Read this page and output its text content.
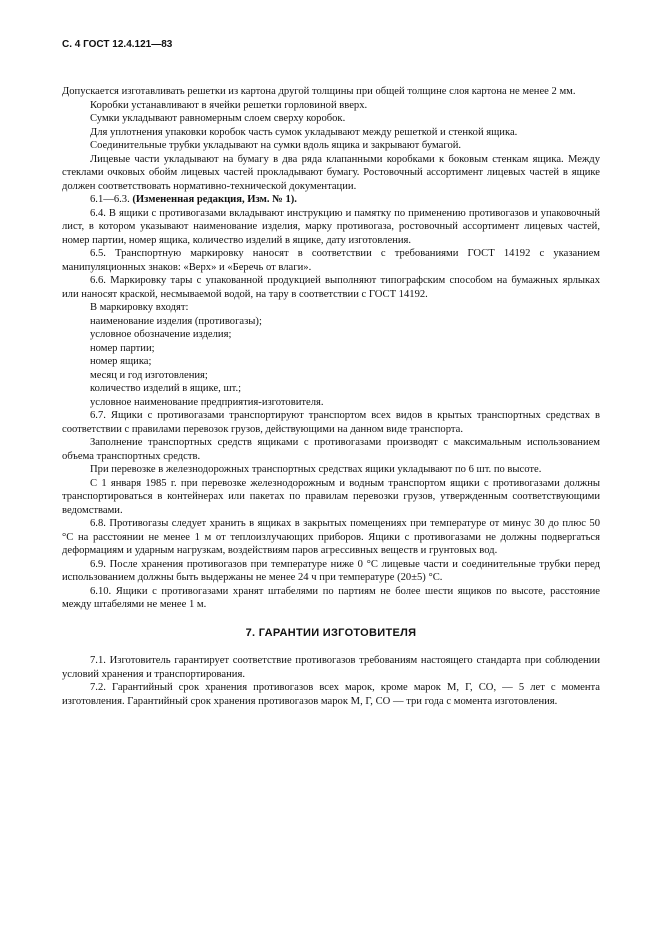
С. 4 ГОСТ 12.4.121—83

Допускается изготавливать решетки из картона другой толщины при общей толщине слоя картона не менее 2 мм.

Коробки устанавливают в ячейки решетки горловиной вверх.

Сумки укладывают равномерным слоем сверху коробок.

Для уплотнения упаковки коробок часть сумок укладывают между решеткой и стенкой ящика.

Соединительные трубки укладывают на сумки вдоль ящика и закрывают бумагой.

Лицевые части укладывают на бумагу в два ряда клапанными коробками к боковым стенкам ящика. Между стеклами очковых обойм лицевых частей прокладывают бумагу. Ростовочный ассортимент лицевых частей в ящике должен соответствовать нормативно-технической документации.

6.1—6.3. (Измененная редакция, Изм. № 1).

6.4. В ящики с противогазами вкладывают инструкцию и памятку по применению противогазов и упаковочный лист, в котором указывают наименование изделия, марку противогаза, ростовочный ассортимент лицевых частей, номер партии, номер ящика, количество изделий в ящике, дату изготовления.

6.5. Транспортную маркировку наносят в соответствии с требованиями ГОСТ 14192 с указанием манипуляционных знаков: «Верх» и «Беречь от влаги».

6.6. Маркировку тары с упакованной продукцией выполняют типографским способом на бумажных ярлыках или наносят краской, несмываемой водой, на тару в соответствии с ГОСТ 14192.

В маркировку входят:

наименование изделия (противогазы);

условное обозначение изделия;

номер партии;

номер ящика;

месяц и год изготовления;

количество изделий в ящике, шт.;

условное наименование предприятия-изготовителя.

6.7. Ящики с противогазами транспортируют транспортом всех видов в крытых транспортных средствах в соответствии с правилами перевозок грузов, действующими на данном виде транспорта.

Заполнение транспортных средств ящиками с противогазами производят с максимальным использованием объема транспортных средств.

При перевозке в железнодорожных транспортных средствах ящики укладывают по 6 шт. по высоте.

С 1 января 1985 г. при перевозке железнодорожным и водным транспортом ящики с противогазами должны транспортироваться в контейнерах или пакетах по правилам перевозки грузов, утвержденным соответствующими ведомствами.

6.8. Противогазы следует хранить в ящиках в закрытых помещениях при температуре от минус 30 до плюс 50 °С на расстоянии не менее 1 м от теплоизлучающих приборов. Ящики с противогазами не должны подвергаться деформациям и ударным нагрузкам, воздействиям паров агрессивных веществ и грунтовых вод.

6.9. После хранения противогазов при температуре ниже 0 °С лицевые части и соединительные трубки перед использованием должны быть выдержаны не менее 24 ч при температуре (20±5) °С.

6.10. Ящики с противогазами хранят штабелями по партиям не более шести ящиков по высоте, расстояние между штабелями не менее 1 м.

7. ГАРАНТИИ ИЗГОТОВИТЕЛЯ

7.1. Изготовитель гарантирует соответствие противогазов требованиям настоящего стандарта при соблюдении условий хранения и транспортирования.

7.2. Гарантийный срок хранения противогазов всех марок, кроме марок М, Г, СО, — 5 лет с момента изготовления. Гарантийный срок хранения противогазов марок М, Г, СО — три года с момента изготовления.
